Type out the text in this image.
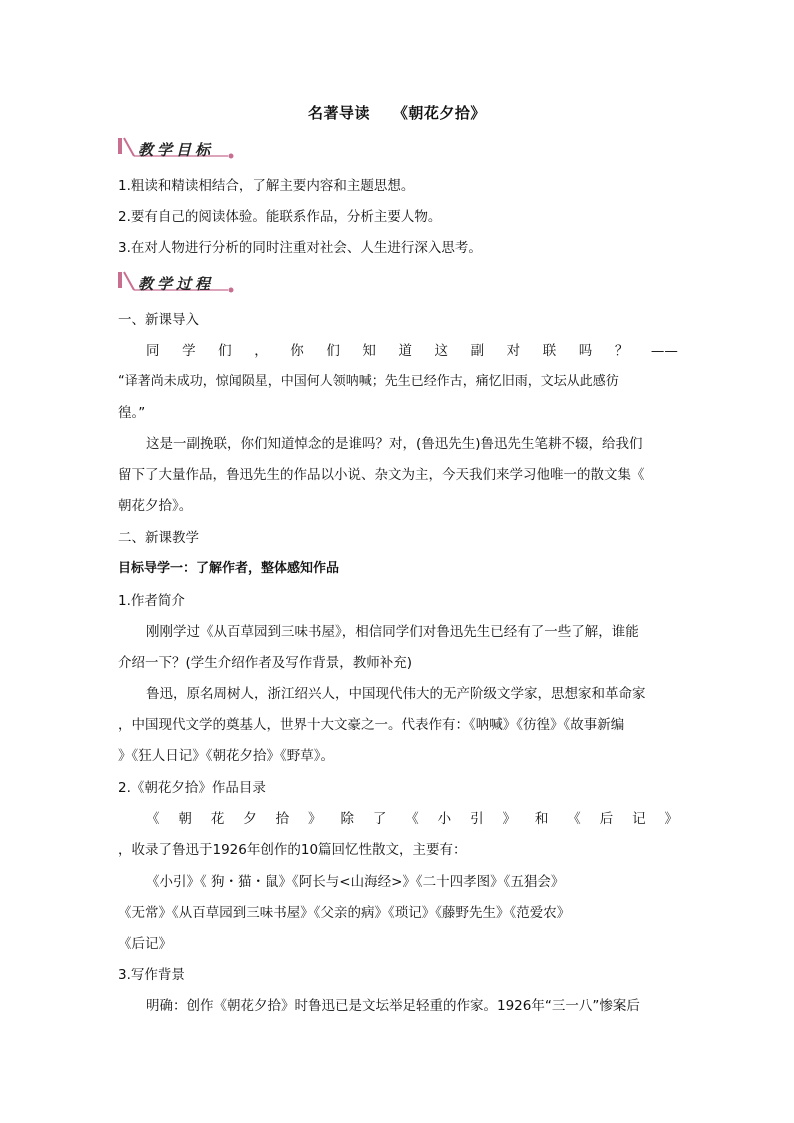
名著导读    《朝花夕拾》
教学目标
1.粗读和精读相结合，了解主要内容和主题思想。
2.要有自己的阅读体验。能联系作品，分析主要人物。
3.在对人物进行分析的同时注重对社会、人生进行深入思考。
教学过程
一、新课导入
同 学 们 ， 你 们 知 道 这 副 对 联 吗 ？ ——
“译著尚未成功，惊闻陨星，中国何人领呐喊；先生已经作古，痛忆旧雨，文坛从此感彷
徨。”
这是一副挽联，你们知道悼念的是谁吗？对，(鲁迅先生)鲁迅先生笔耕不辍，给我们
留下了大量作品，鲁迅先生的作品以小说、杂文为主，今天我们来学习他唯一的散文集《
朝花夕拾》。
二、新课教学
目标导学一：了解作者，整体感知作品
1.作者简介
刚刚学过《从百草园到三味书屋》，相信同学们对鲁迅先生已经有了一些了解，谁能
介绍一下？(学生介绍作者及写作背景，教师补充)
鲁迅，原名周树人，浙江绍兴人，中国现代伟大的无产阶级文学家，思想家和革命家
，中国现代文学的奠基人，世界十大文豪之一。代表作有：《呐喊》《彷徨》《故事新编
》《狂人日记》《朝花夕拾》《野草》。
2.《朝花夕拾》作品目录
《 朝 花 夕 拾 》 除 了 《 小 引 》 和 《 后 记 》
，收录了鲁迅于1926年创作的10篇回忆性散文，主要有：
《小引》《 狗・猫・鼠》《阿长与<山海经>》《二十四孝图》《五猖会》
《无常》《从百草园到三味书屋》《父亲的病》《琐记》《藤野先生》《范爱农》
《后记》
3.写作背景
明确：创作《朝花夕拾》时鲁迅已是文坛举足轻重的作家。1926年“三一八”惨案后
